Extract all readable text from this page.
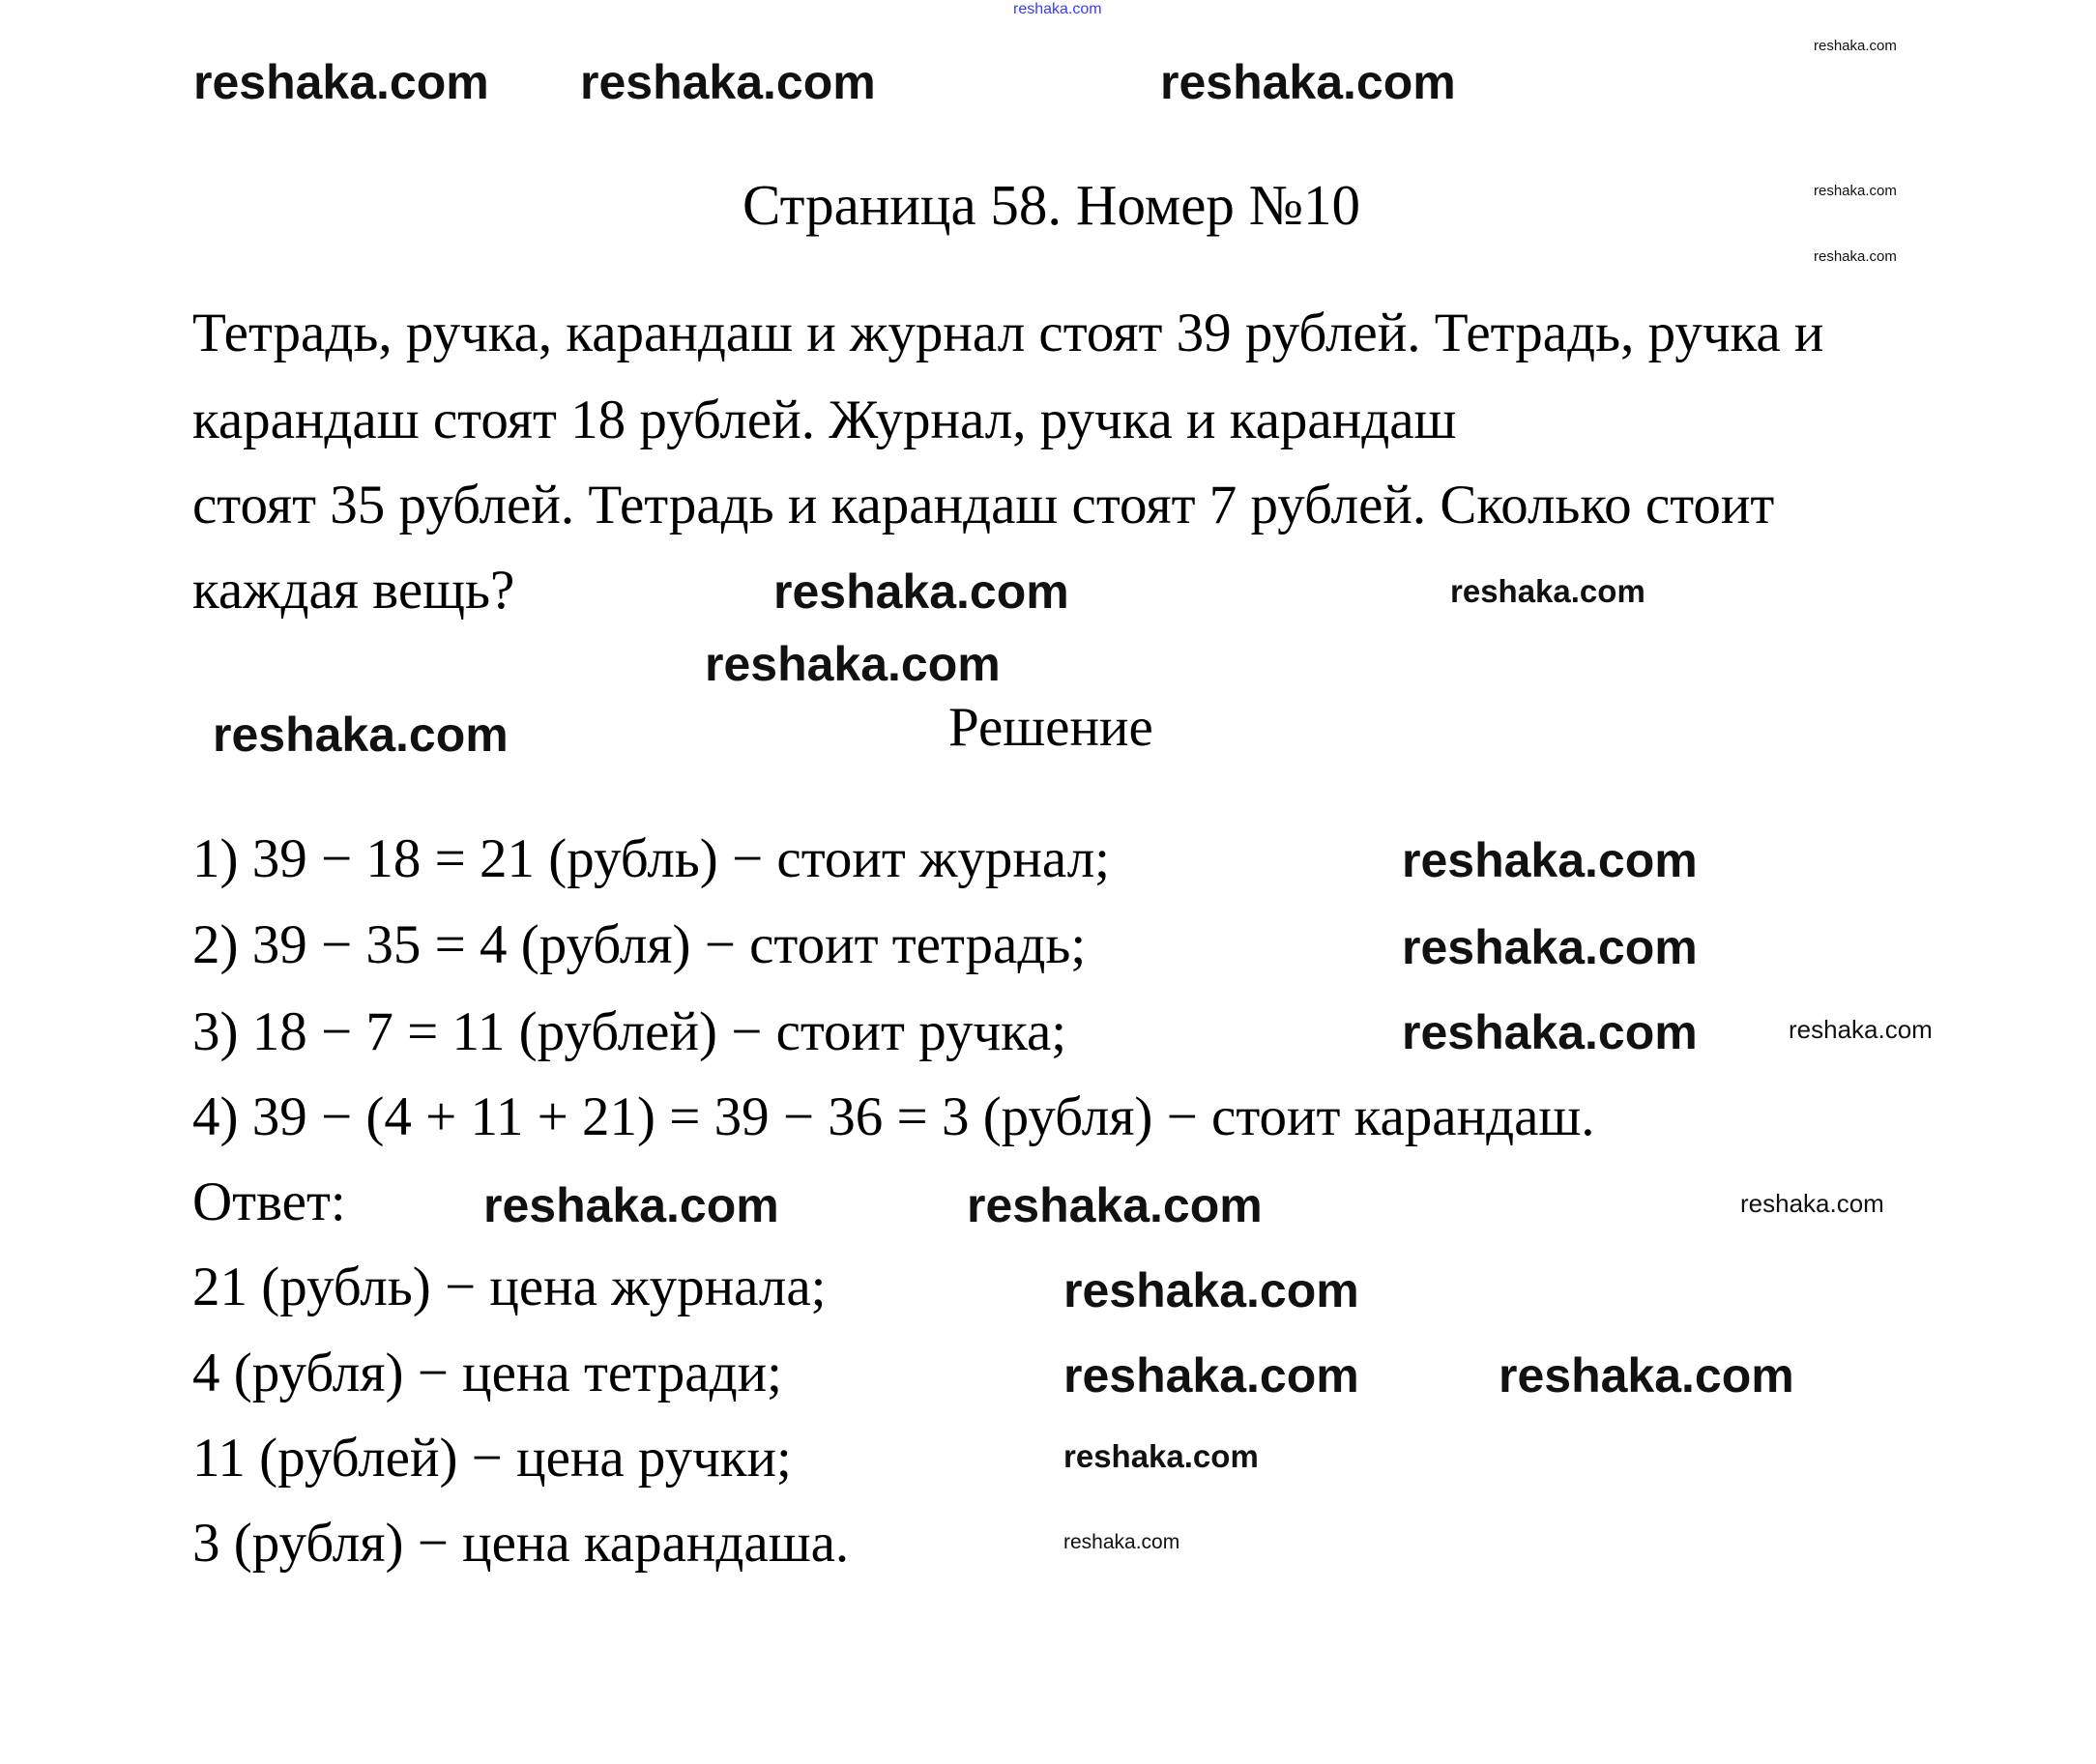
reshaka.com
Страница 58. Номер №10
Тетрадь, ручка, карандаш и журнал стоят 39 рублей. Тетрадь, ручка и
карандаш стоят 18 рублей. Журнал, ручка и карандаш
стоят 35 рублей. Тетрадь и карандаш стоят 7 рублей. Сколько стоит
каждая вещь?
Решение
1) 39 − 18 = 21 (рубль) − стоит журнал;
2) 39 − 35 = 4 (рубля) − стоит тетрадь;
3) 18 − 7 = 11 (рублей) − стоит ручка;
4) 39 − (4 + 11 + 21) = 39 − 36 = 3 (рубля) − стоит карандаш.
Ответ:
21 (рубль) − цена журнала;
4 (рубля) − цена тетради;
11 (рублей) − цена ручки;
3 (рубля) − цена карандаша.
reshaka.com
reshaka.com
reshaka.com
reshaka.com reshaka.com	reshaka.com
reshaka.com
reshaka.com
reshaka.com
reshaka.com
reshaka.com
reshaka.com
reshaka.com	reshaka.com
reshaka.com	reshaka.com	reshaka.com
reshaka.com
reshaka.com	reshaka.com
reshaka.com
reshaka.com
